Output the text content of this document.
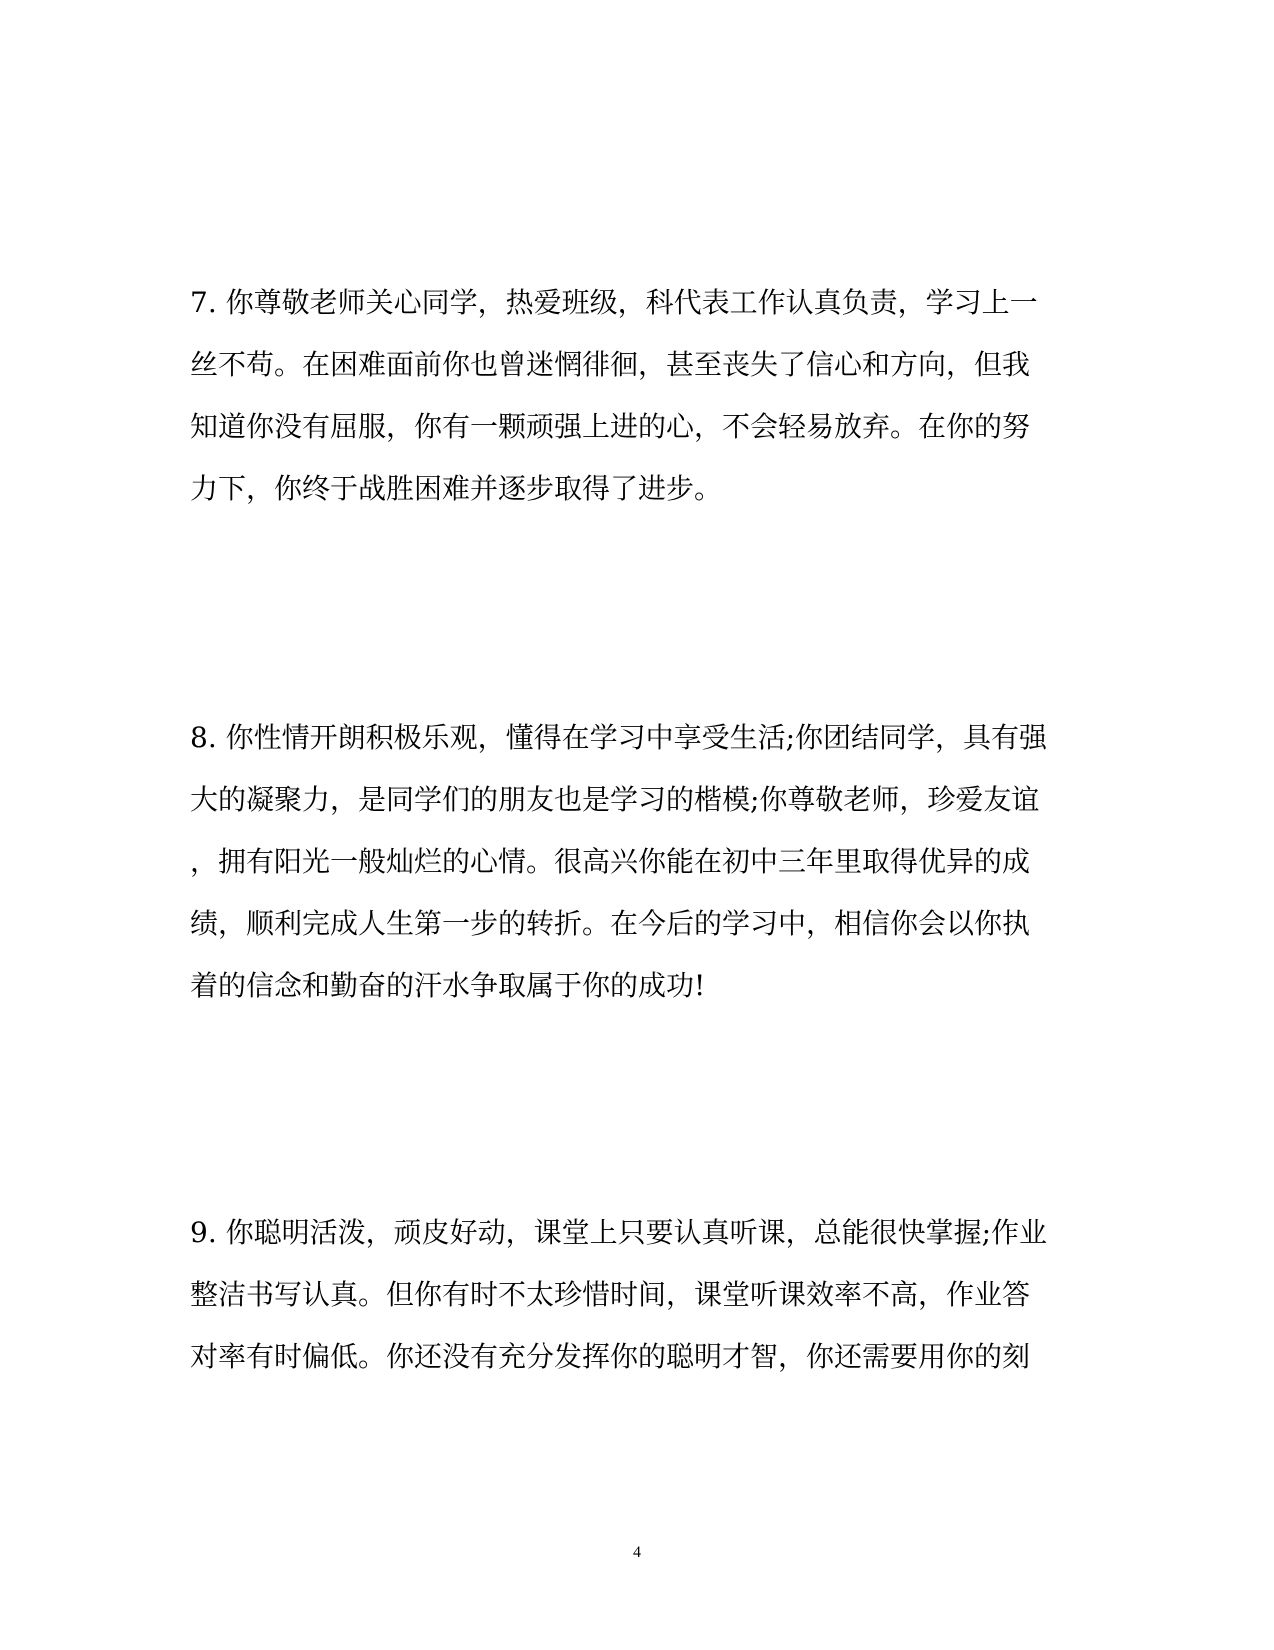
7. 你尊敬老师关心同学，热爱班级，科代表工作认真负责，学习上一
丝不苟。在困难面前你也曾迷惘徘徊，甚至丧失了信心和方向，但我
知道你没有屈服，你有一颗顽强上进的心，不会轻易放弃。在你的努
力下，你终于战胜困难并逐步取得了进步。
8. 你性情开朗积极乐观，懂得在学习中享受生活;你团结同学，具有强
大的凝聚力，是同学们的朋友也是学习的楷模;你尊敬老师，珍爱友谊
，拥有阳光一般灿烂的心情。很高兴你能在初中三年里取得优异的成
绩，顺利完成人生第一步的转折。在今后的学习中，相信你会以你执
着的信念和勤奋的汗水争取属于你的成功!
9. 你聪明活泼，顽皮好动，课堂上只要认真听课，总能很快掌握;作业
整洁书写认真。但你有时不太珍惜时间，课堂听课效率不高，作业答
对率有时偏低。你还没有充分发挥你的聪明才智，你还需要用你的刻
4
